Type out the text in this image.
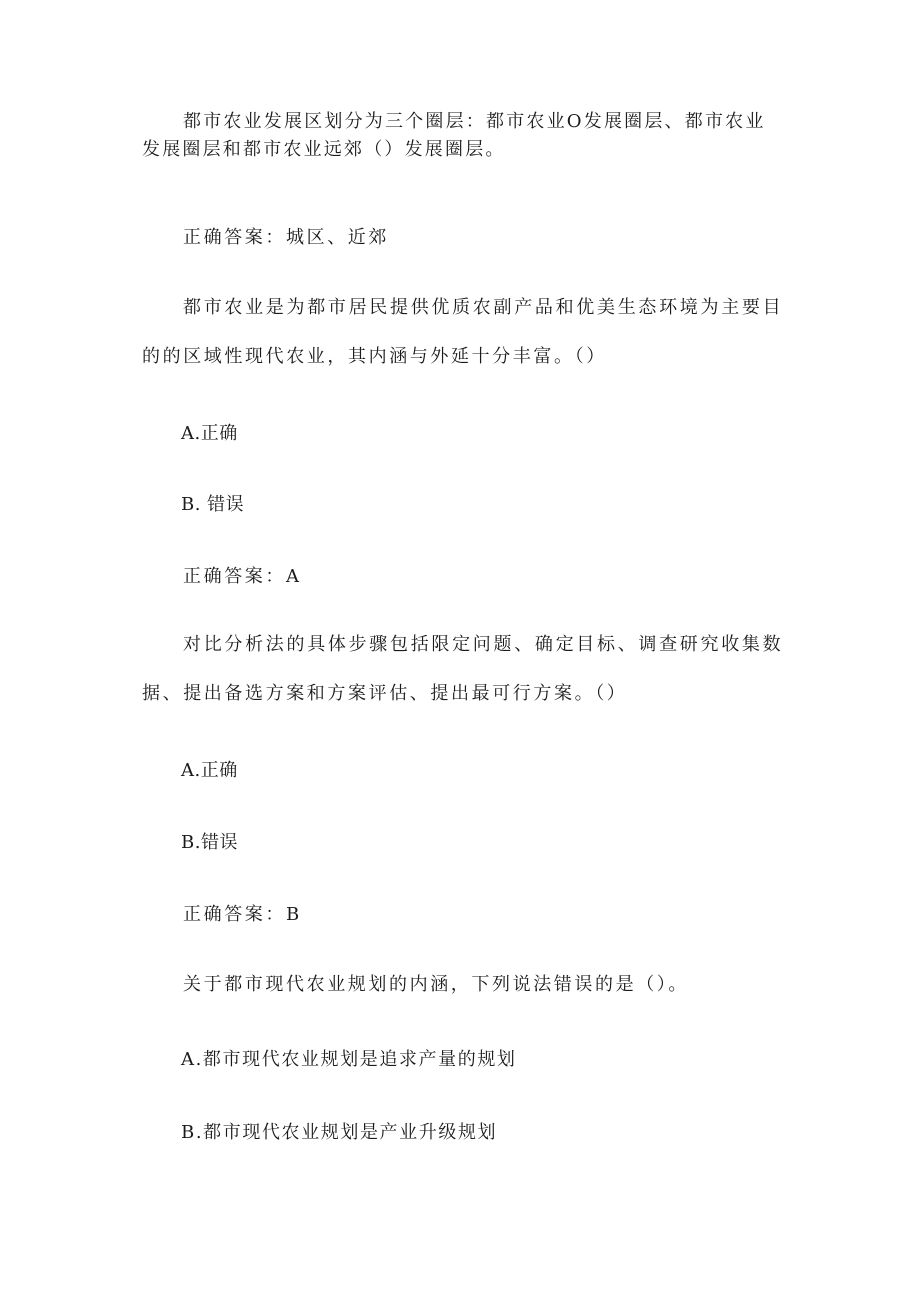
都市农业发展区划分为三个圈层：都市农业O发展圈层、都市农业
发展圈层和都市农业远郊（）发展圈层。
正确答案：城区、近郊
都市农业是为都市居民提供优质农副产品和优美生态环境为主要目
的的区域性现代农业，其内涵与外延十分丰富。（）
A.正确
B. 错误
正确答案：A
对比分析法的具体步骤包括限定问题、确定目标、调查研究收集数
据、提出备选方案和方案评估、提出最可行方案。（）
A.正确
B.错误
正确答案：B
关于都市现代农业规划的内涵，下列说法错误的是（）。
A.都市现代农业规划是追求产量的规划
B.都市现代农业规划是产业升级规划
